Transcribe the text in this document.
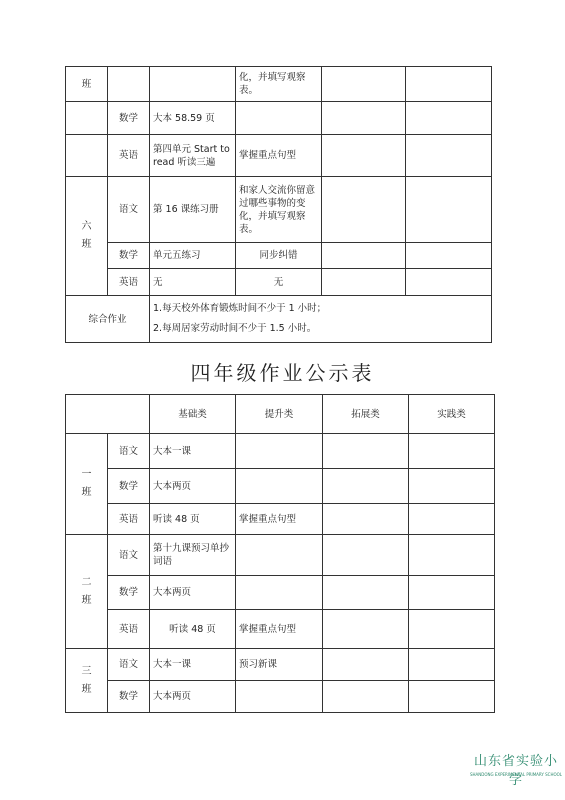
班			化，并填写观察表。		
	数学	大本 58.59 页			
	英语	第四单元 Start to read 听读三遍	掌握重点句型		
六
班	语文	第 16 课练习册	和家人交流你留意过哪些事物的变化，并填写观察表。		
	数学	单元五练习	同步纠错		
	英语	无	无		
综合作业		1.每天校外体育锻炼时间不少于 1 小时；
2.每周居家劳动时间不少于 1.5 小时。			
四年级作业公示表
		基础类	提升类	拓展类	实践类
一
班	语文	大本一课			
	数学	大本两页			
	英语	听读 48 页	掌握重点句型		
二
班	语文	第十九课预习单抄词语			
	数学	大本两页			
	英语	听读 48 页	掌握重点句型		
三
班	语文	大本一课	预习新课		
	数学	大本两页			
山东省实验小学
SHANDONG EXPERIMENTAL PRIMARY SCHOOL
